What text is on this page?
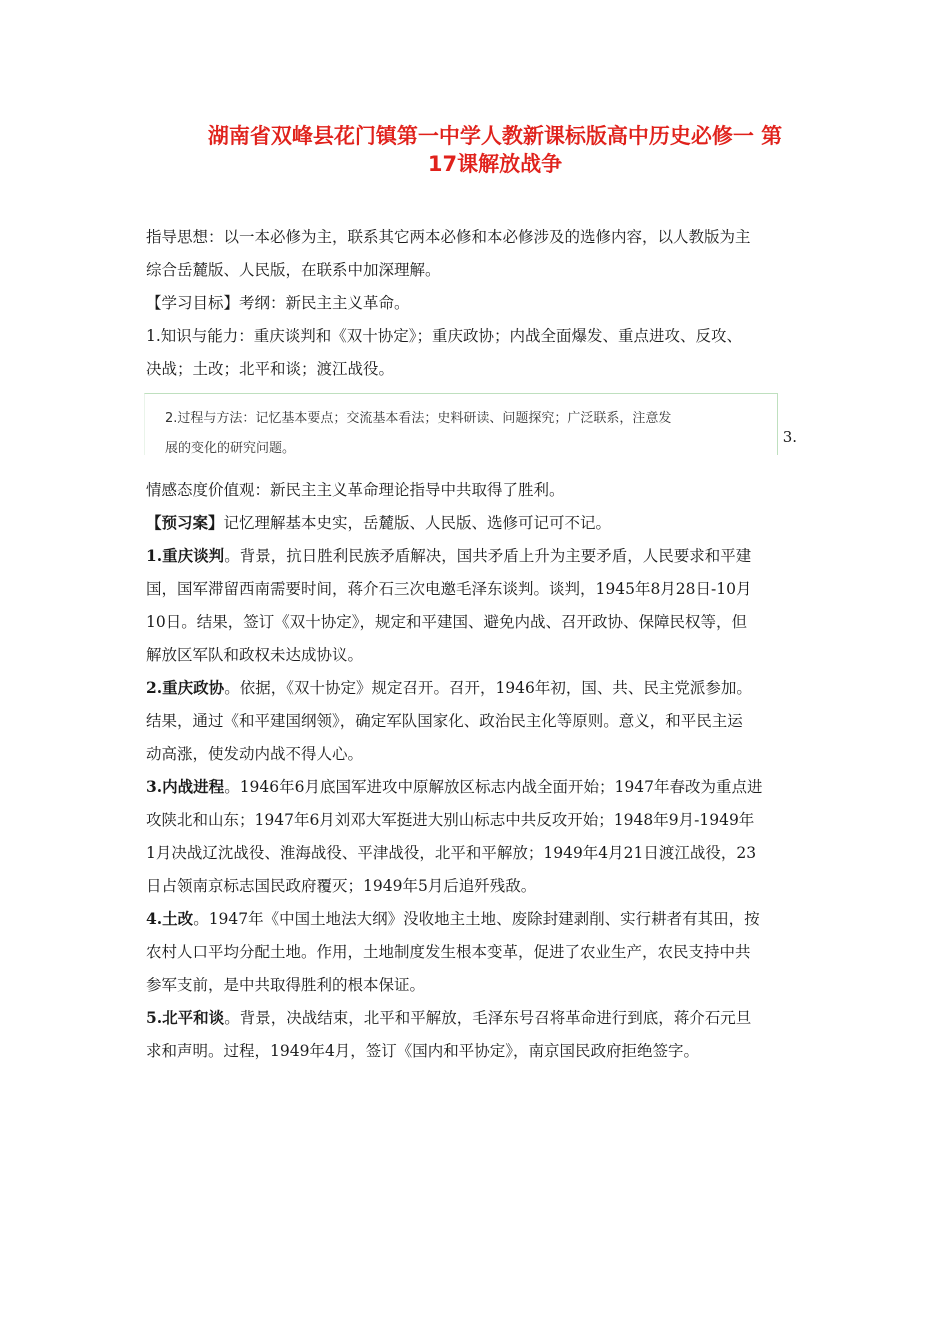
湖南省双峰县花门镇第一中学人教新课标版高中历史必修一 第
17课解放战争
指导思想：以一本必修为主，联系其它两本必修和本必修涉及的选修内容，以人教版为主
综合岳麓版、人民版，在联系中加深理解。
【学习目标】考纲：新民主主义革命。
1.知识与能力：重庆谈判和《双十协定》；重庆政协；内战全面爆发、重点进攻、反攻、
决战；土改；北平和谈；渡江战役。
2.过程与方法：记忆基本要点；交流基本看法；史料研读、问题探究；广泛联系，注意发
展的变化的研究问题。
3.
情感态度价值观：新民主主义革命理论指导中共取得了胜利。
【预习案】记忆理解基本史实，岳麓版、人民版、选修可记可不记。
1.重庆谈判。背景，抗日胜利民族矛盾解决，国共矛盾上升为主要矛盾，人民要求和平建
国，国军滞留西南需要时间，蒋介石三次电邀毛泽东谈判。谈判，1945年8月28日-10月
10日。结果，签订《双十协定》，规定和平建国、避免内战、召开政协、保障民权等，但
解放区军队和政权未达成协议。
2.重庆政协。依据，《双十协定》规定召开。召开，1946年初，国、共、民主党派参加。
结果，通过《和平建国纲领》，确定军队国家化、政治民主化等原则。意义，和平民主运
动高涨，使发动内战不得人心。
3.内战进程。1946年6月底国军进攻中原解放区标志内战全面开始；1947年春改为重点进
攻陕北和山东；1947年6月刘邓大军挺进大别山标志中共反攻开始；1948年9月-1949年
1月决战辽沈战役、淮海战役、平津战役，北平和平解放；1949年4月21日渡江战役，23
日占领南京标志国民政府覆灭；1949年5月后追歼残敌。
4.土改。1947年《中国土地法大纲》没收地主土地、废除封建剥削、实行耕者有其田，按
农村人口平均分配土地。作用，土地制度发生根本变革，促进了农业生产，农民支持中共
参军支前，是中共取得胜利的根本保证。
5.北平和谈。背景，决战结束，北平和平解放，毛泽东号召将革命进行到底，蒋介石元旦
求和声明。过程，1949年4月，签订《国内和平协定》，南京国民政府拒绝签字。
